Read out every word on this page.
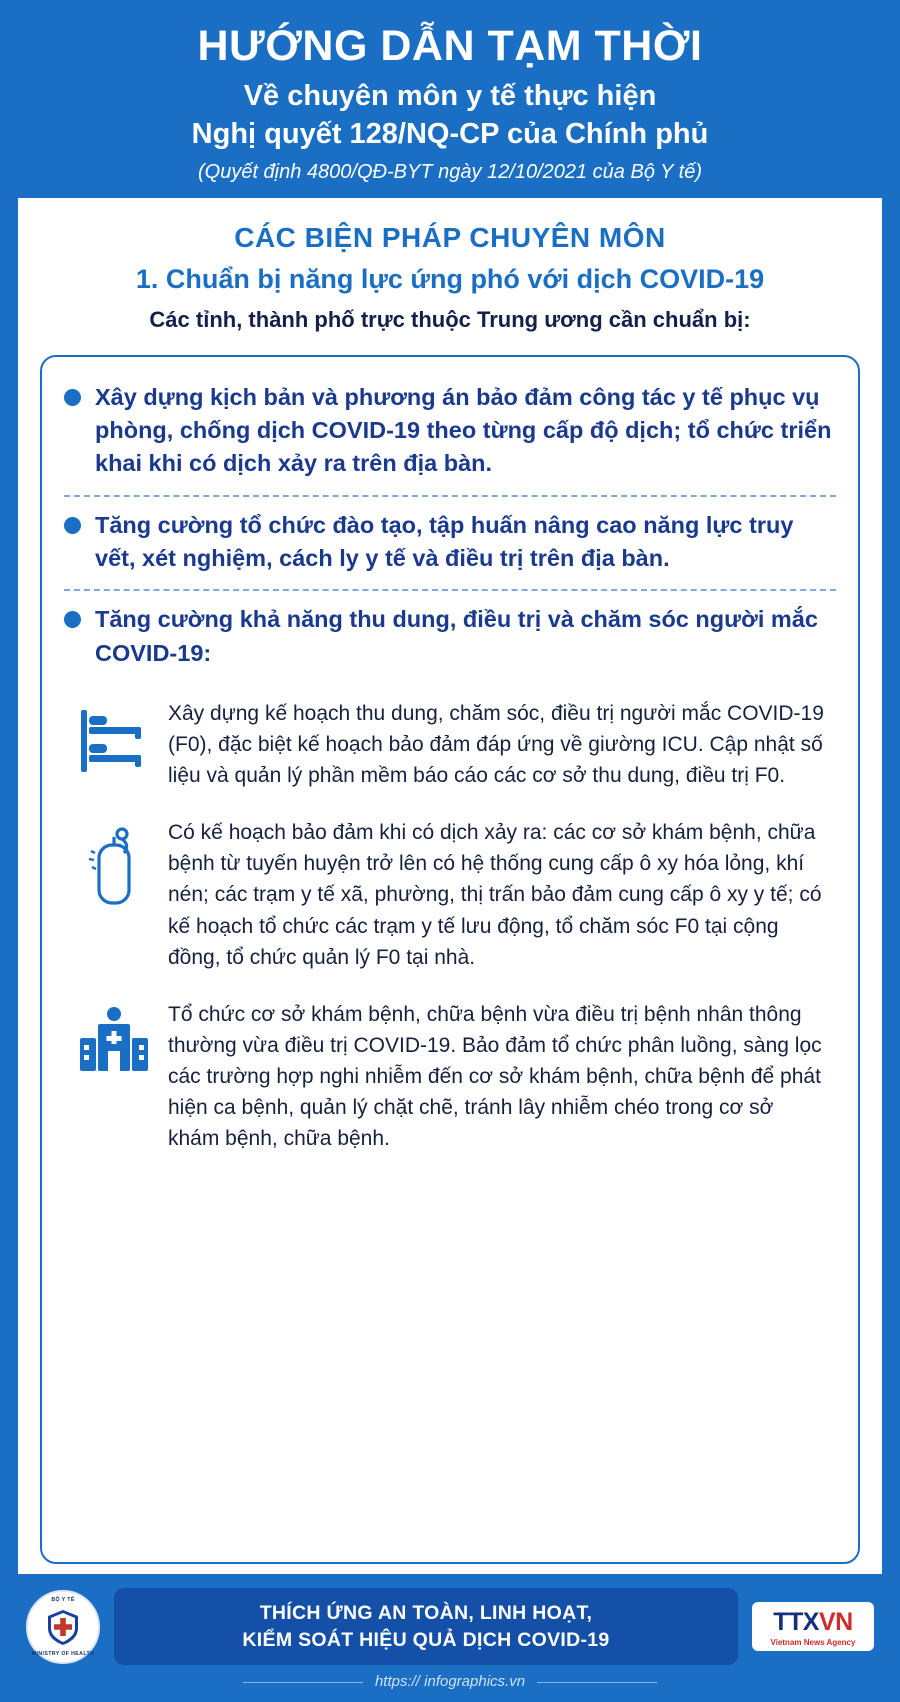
HƯỚNG DẪN TẠM THỜI
Về chuyên môn y tế thực hiện
Nghị quyết 128/NQ-CP của Chính phủ
(Quyết định 4800/QĐ-BYT ngày 12/10/2021 của Bộ Y tế)
CÁC BIỆN PHÁP CHUYÊN MÔN
1. Chuẩn bị năng lực ứng phó với dịch COVID-19
Các tỉnh, thành phố trực thuộc Trung ương cần chuẩn bị:
Xây dựng kịch bản và phương án bảo đảm công tác y tế phục vụ phòng, chống dịch COVID-19 theo từng cấp độ dịch; tổ chức triển khai khi có dịch xảy ra trên địa bàn.
Tăng cường tổ chức đào tạo, tập huấn nâng cao năng lực truy vết, xét nghiệm, cách ly y tế và điều trị trên địa bàn.
Tăng cường khả năng thu dung, điều trị và chăm sóc người mắc COVID-19:
Xây dựng kế hoạch thu dung, chăm sóc, điều trị người mắc COVID-19 (F0), đặc biệt kế hoạch bảo đảm đáp ứng về giường ICU. Cập nhật số liệu và quản lý phần mềm báo cáo các cơ sở thu dung, điều trị F0.
Có kế hoạch bảo đảm khi có dịch xảy ra: các cơ sở khám bệnh, chữa bệnh từ tuyến huyện trở lên có hệ thống cung cấp ô xy hóa lỏng, khí nén; các trạm y tế xã, phường, thị trấn bảo đảm cung cấp ô xy y tế; có kế hoạch tổ chức các trạm y tế lưu động, tổ chăm sóc F0 tại cộng đồng, tổ chức quản lý F0 tại nhà.
Tổ chức cơ sở khám bệnh, chữa bệnh vừa điều trị bệnh nhân thông thường vừa điều trị COVID-19. Bảo đảm tổ chức phân luồng, sàng lọc các trường hợp nghi nhiễm đến cơ sở khám bệnh, chữa bệnh để phát hiện ca bệnh, quản lý chặt chẽ, tránh lây nhiễm chéo trong cơ sở khám bệnh, chữa bệnh.
BỘ Y TẾ
MINISTRY OF HEALTH
THÍCH ỨNG AN TOÀN, LINH HOẠT,
KIỂM SOÁT HIỆU QUẢ DỊCH COVID-19
TTXVN
Vietnam News Agency
https:// infographics.vn
